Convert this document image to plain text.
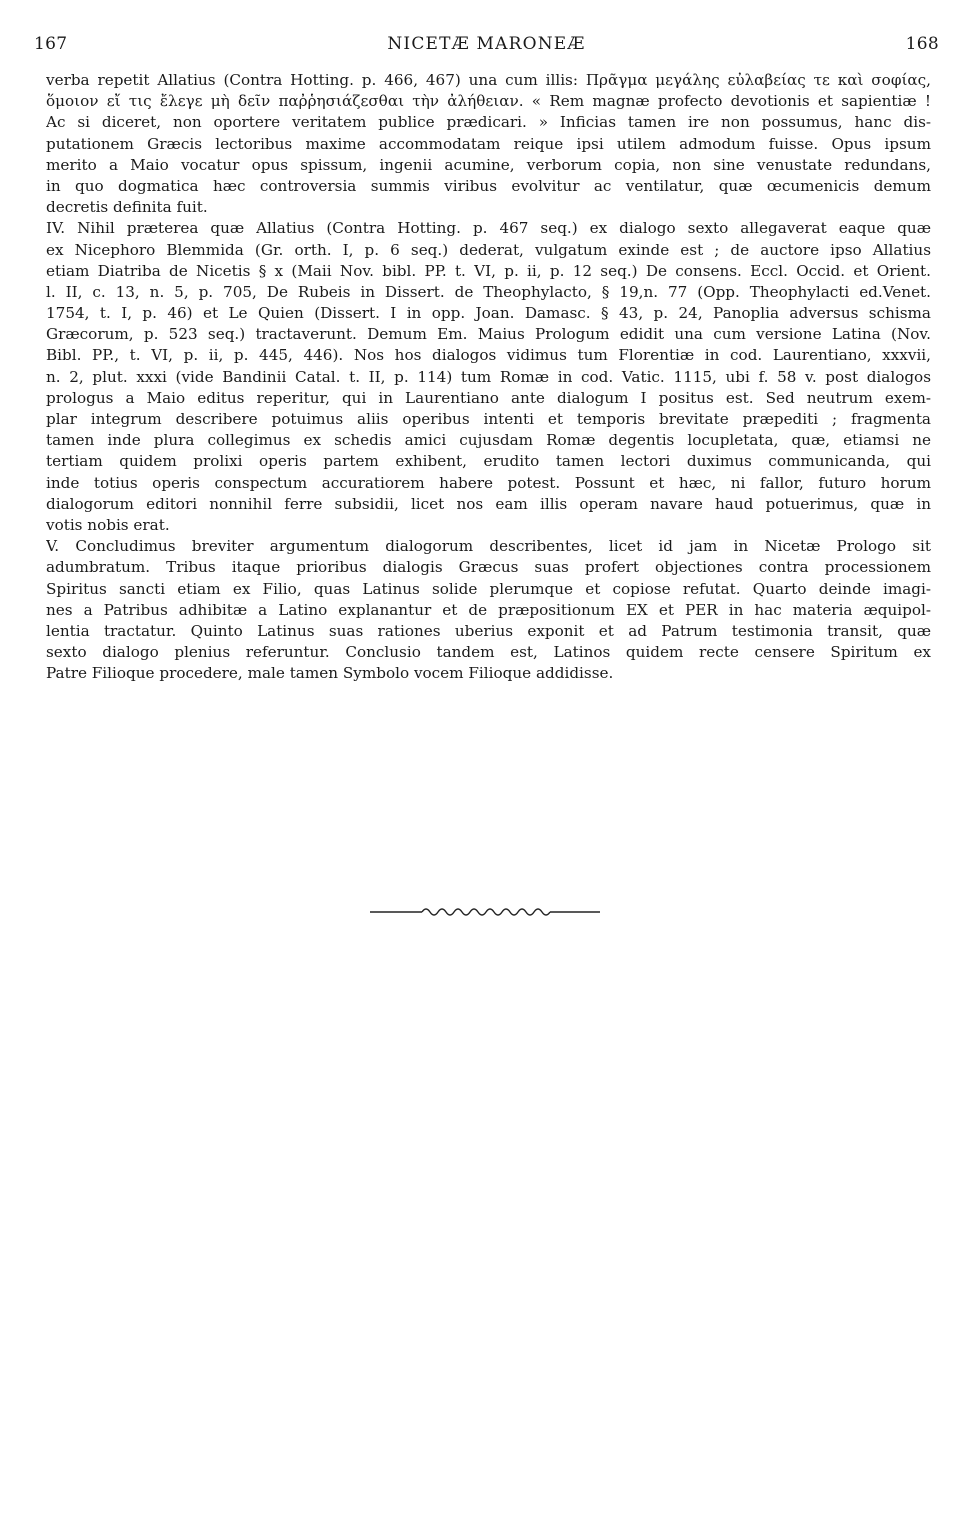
167	NICETÆ MARONEÆ	168
verba repetit Allatius (Contra Hotting. p. 466, 467) una cum illis: Πρᾶγμα μεγάλης εὐλαβείας τε καὶ σοφίας,
ὅμοιον εἴ τις ἔλεγε μὴ δεῖν παῤῥησιάζεσθαι τὴν ἀλήθειαν. « Rem magnæ profecto devotionis et sapientiæ !
Ac si diceret, non oportere veritatem publice prædicari. » Inficias tamen ire non possumus, hanc dis-
putationem Græcis lectoribus maxime accommodatam reique ipsi utilem admodum fuisse. Opus ipsum
merito a Maio vocatur opus spissum, ingenii acumine, verborum copia, non sine venustate redundans,
in quo dogmatica hæc controversia summis viribus evolvitur ac ventilatur, quæ œcumenicis demum
decretis definita fuit.
IV. Nihil præterea quæ Allatius (Contra Hotting. p. 467 seq.) ex dialogo sexto allegaverat eaque quæ
ex Nicephoro Blemmida (Gr. orth. I, p. 6 seq.) dederat, vulgatum exinde est ; de auctore ipso Allatius
etiam Diatriba de Nicetis § x (Maii Nov. bibl. PP. t. VI, p. ii, p. 12 seq.) De consens. Eccl. Occid. et Orient.
l. II, c. 13, n. 5, p. 705, De Rubeis in Dissert. de Theophylacto, § 19,n. 77 (Opp. Theophylacti ed.Venet.
1754, t. I, p. 46) et Le Quien (Dissert. I in opp. Joan. Damasc. § 43, p. 24, Panoplia adversus schisma
Græcorum, p. 523 seq.) tractaverunt. Demum Em. Maius Prologum edidit una cum versione Latina (Nov.
Bibl. PP., t. VI, p. ii, p. 445, 446). Nos hos dialogos vidimus tum Florentiæ in cod. Laurentiano, xxxvii,
n. 2, plut. xxxi (vide Bandinii Catal. t. II, p. 114) tum Romæ in cod. Vatic. 1115, ubi f. 58 v. post dialogos
prologus a Maio editus reperitur, qui in Laurentiano ante dialogum I positus est. Sed neutrum exem-
plar integrum describere potuimus aliis operibus intenti et temporis brevitate præpediti ; fragmenta
tamen inde plura collegimus ex schedis amici cujusdam Romæ degentis locupletata, quæ, etiamsi ne
tertiam quidem prolixi operis partem exhibent, erudito tamen lectori duximus communicanda, qui
inde totius operis conspectum accuratiorem habere potest. Possunt et hæc, ni fallor, futuro horum
dialogorum editori nonnihil ferre subsidii, licet nos eam illis operam navare haud potuerimus, quæ in
votis nobis erat.
V. Concludimus breviter argumentum dialogorum describentes, licet id jam in Nicetæ Prologo sit
adumbratum. Tribus itaque prioribus dialogis Græcus suas profert objectiones contra processionem
Spiritus sancti etiam ex Filio, quas Latinus solide plerumque et copiose refutat. Quarto deinde imagi-
nes a Patribus adhibitæ a Latino explanantur et de præpositionum EX et PER in hac materia æquipol-
lentia tractatur. Quinto Latinus suas rationes uberius exponit et ad Patrum testimonia transit, quæ
sexto dialogo plenius referuntur. Conclusio tandem est, Latinos quidem recte censere Spiritum ex
Patre Filioque procedere, male tamen Symbolo vocem Filioque addidisse.
